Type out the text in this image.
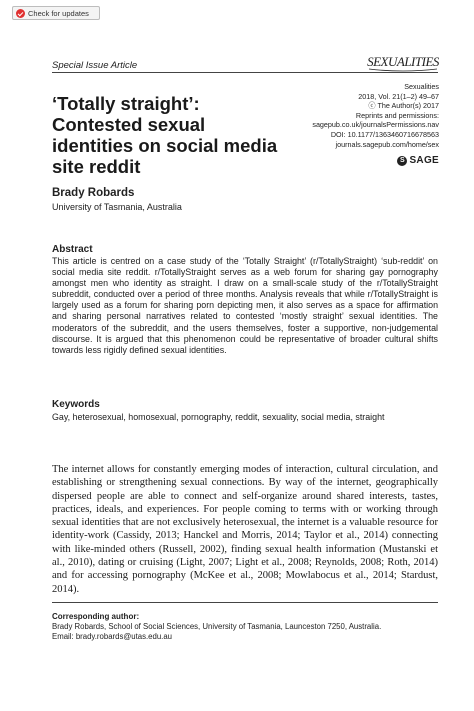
Check for updates
Special Issue Article	SEXUALITIES
Sexualities
2018, Vol. 21(1–2) 49–67
ⓒ The Author(s) 2017
Reprints and permissions:
sagepub.co.uk/journalsPermissions.nav
DOI: 10.1177/1363460716678563
journals.sagepub.com/home/sex
S SAGE
‘Totally straight’: Contested sexual identities on social media site reddit
Brady Robards
University of Tasmania, Australia
Abstract
This article is centred on a case study of the ‘Totally Straight’ (r/TotallyStraight) ‘sub-reddit’ on social media site reddit. r/TotallyStraight serves as a web forum for sharing gay pornography amongst men who identity as straight. I draw on a small-scale study of the r/TotallyStraight subreddit, conducted over a period of three months. Analysis reveals that while r/TotallyStraight is largely used as a forum for sharing porn depicting men, it also serves as a space for affirmation and sharing personal narratives related to contested ‘mostly straight’ sexual identities. The moderators of the subreddit, and the users themselves, foster a supportive, non-judgemental discourse. It is argued that this phenomenon could be representative of broader cultural shifts towards less rigidly defined sexual identities.
Keywords
Gay, heterosexual, homosexual, pornography, reddit, sexuality, social media, straight
The internet allows for constantly emerging modes of interaction, cultural circulation, and establishing or strengthening sexual connections. By way of the internet, geographically dispersed people are able to connect and self-organize around shared interests, tastes, practices, ideals, and experiences. For people coming to terms with or working through sexual identities that are not exclusively heterosexual, the internet is a valuable resource for identity-work (Cassidy, 2013; Hanckel and Morris, 2014; Taylor et al., 2014) connecting with like-minded others (Russell, 2002), finding sexual health information (Mustanski et al., 2010), dating or cruising (Light, 2007; Light et al., 2008; Reynolds, 2008; Roth, 2014) and for accessing pornography (McKee et al., 2008; Mowlabocus et al., 2014; Stardust, 2014).
Corresponding author:
Brady Robards, School of Social Sciences, University of Tasmania, Launceston 7250, Australia.
Email: brady.robards@utas.edu.au
